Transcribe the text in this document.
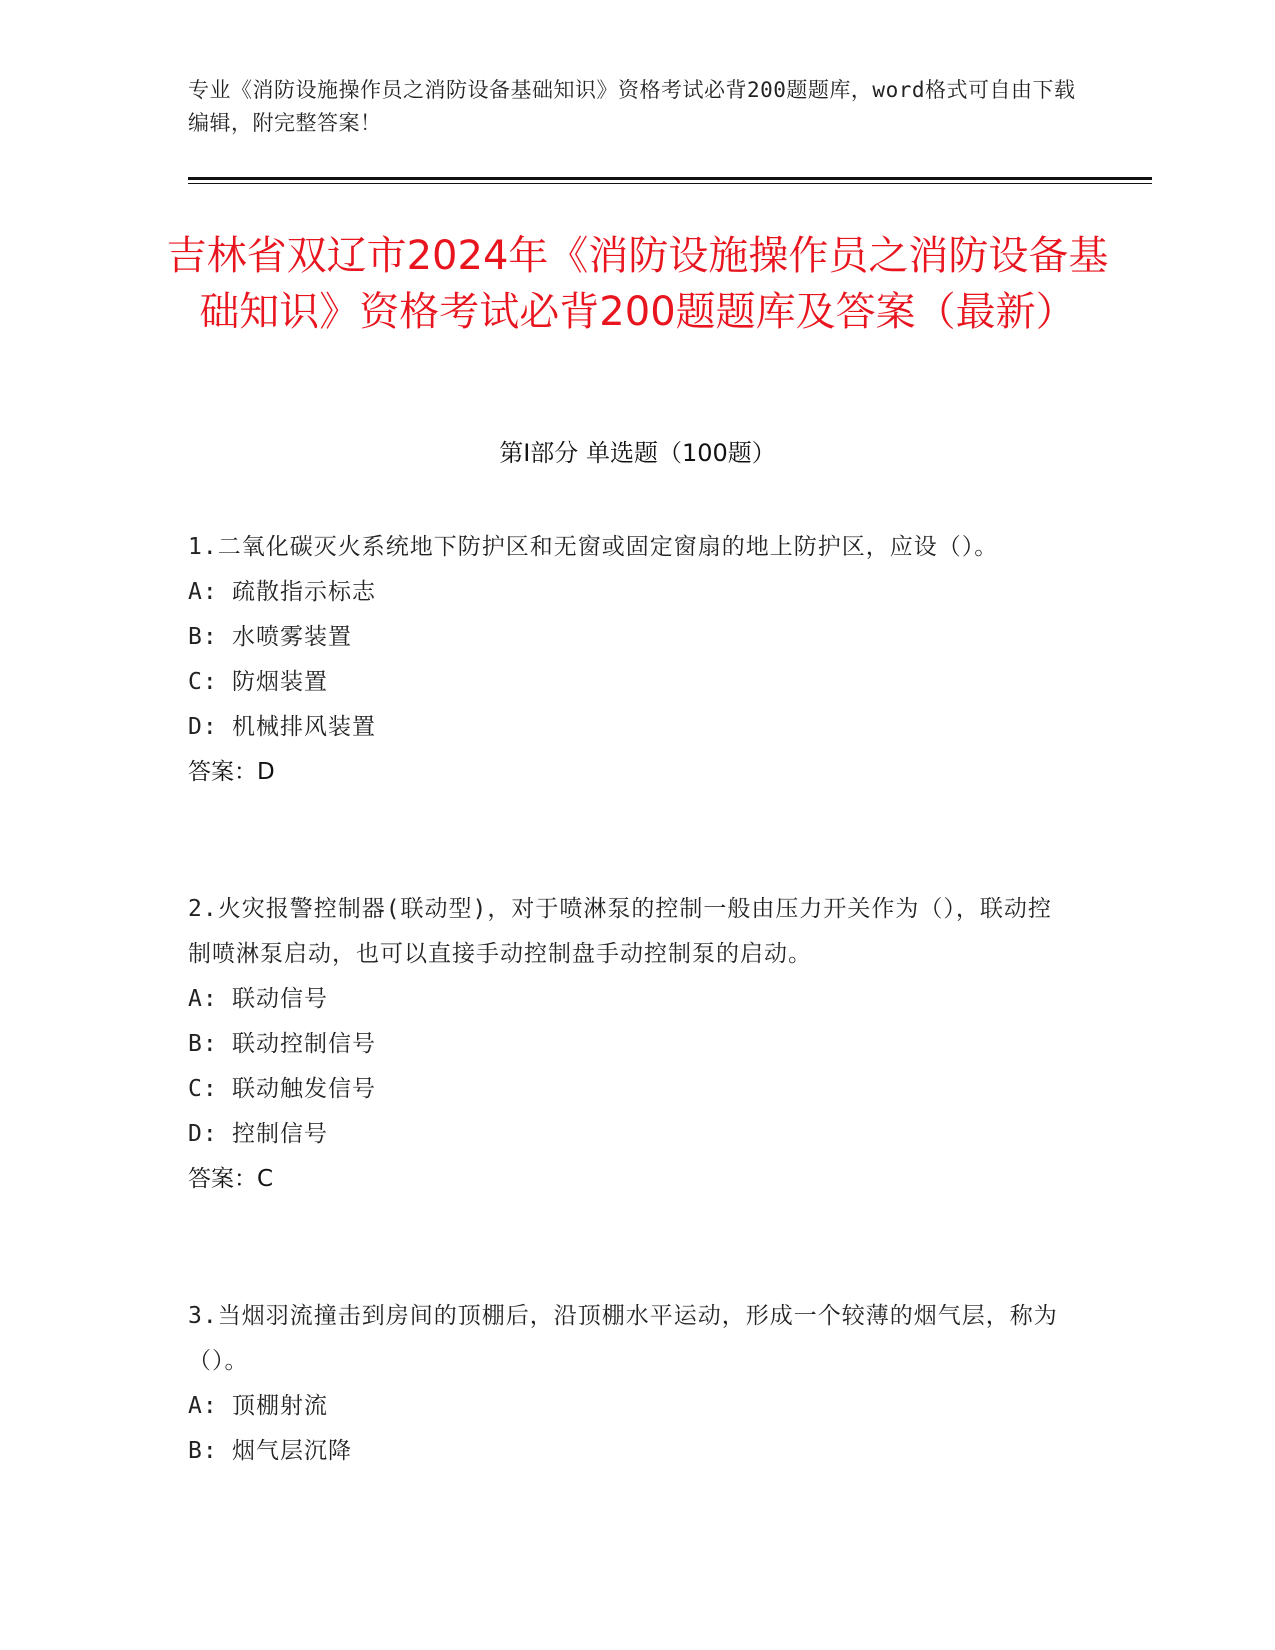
专业《消防设施操作员之消防设备基础知识》资格考试必背200题题库，word格式可自由下载编辑，附完整答案！
吉林省双辽市2024年《消防设施操作员之消防设备基础知识》资格考试必背200题题库及答案（最新）
第Ⅰ部分 单选题（100题）
1.二氧化碳灭火系统地下防护区和无窗或固定窗扇的地上防护区，应设（）。
A: 疏散指示标志
B: 水喷雾装置
C: 防烟装置
D: 机械排风装置
答案：D
2.火灾报警控制器(联动型)，对于喷淋泵的控制一般由压力开关作为（），联动控制喷淋泵启动，也可以直接手动控制盘手动控制泵的启动。
A: 联动信号
B: 联动控制信号
C: 联动触发信号
D: 控制信号
答案：C
3.当烟羽流撞击到房间的顶棚后，沿顶棚水平运动，形成一个较薄的烟气层，称为（）。
A: 顶棚射流
B: 烟气层沉降
